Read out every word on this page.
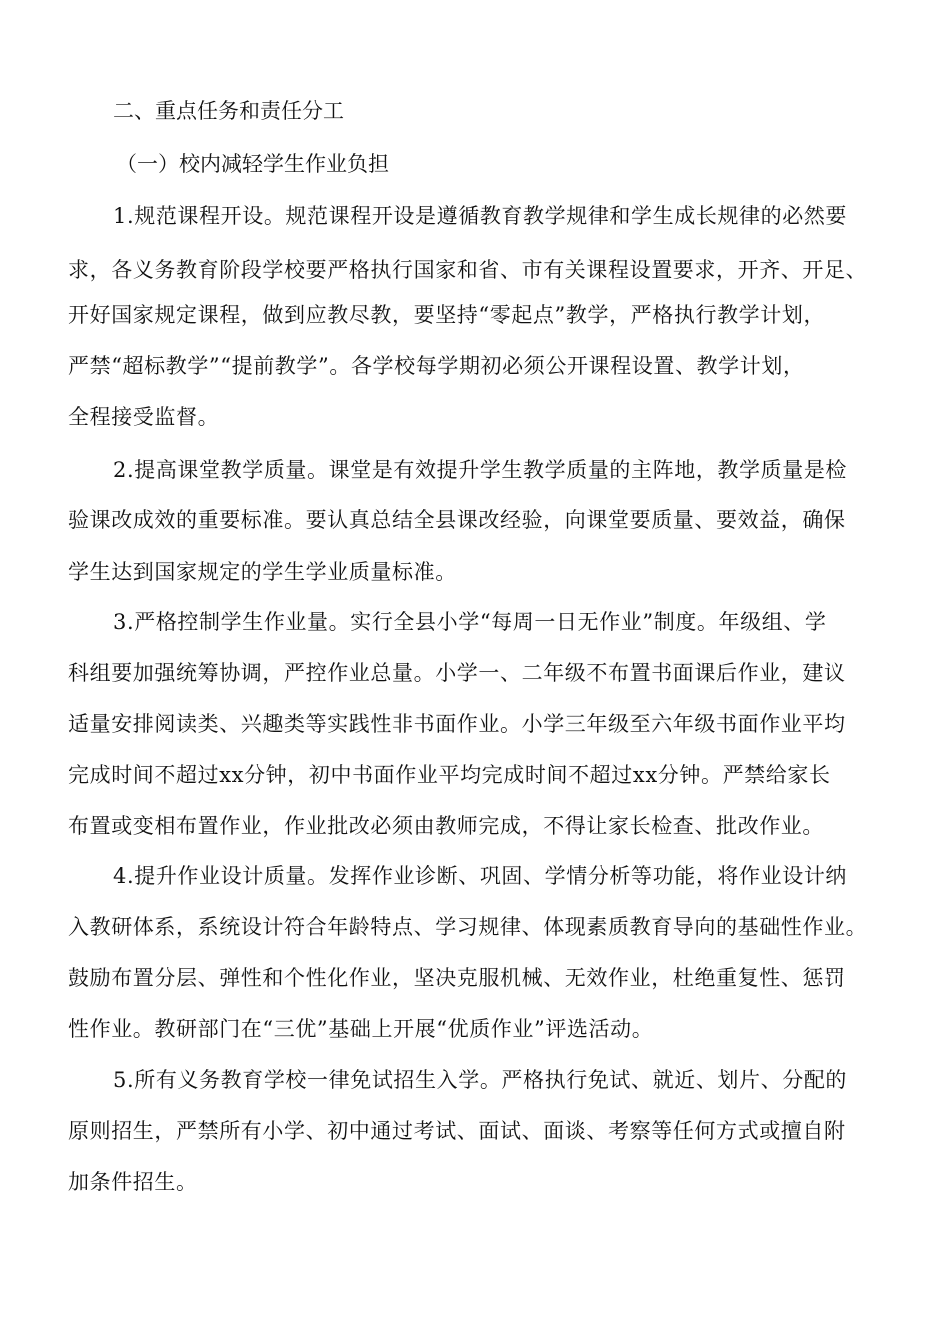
二、重点任务和责任分工
（一）校内减轻学生作业负担
1.规范课程开设。规范课程开设是遵循教育教学规律和学生成长规律的必然要
求，各义务教育阶段学校要严格执行国家和省、市有关课程设置要求，开齐、开足、
开好国家规定课程，做到应教尽教，要坚持“零起点”教学，严格执行教学计划，
严禁“超标教学”“提前教学”。各学校每学期初必须公开课程设置、教学计划，
全程接受监督。
2.提高课堂教学质量。课堂是有效提升学生教学质量的主阵地，教学质量是检
验课改成效的重要标准。要认真总结全县课改经验，向课堂要质量、要效益，确保
学生达到国家规定的学生学业质量标准。
3.严格控制学生作业量。实行全县小学“每周一日无作业”制度。年级组、学
科组要加强统筹协调，严控作业总量。小学一、二年级不布置书面课后作业，建议
适量安排阅读类、兴趣类等实践性非书面作业。小学三年级至六年级书面作业平均
完成时间不超过xx分钟，初中书面作业平均完成时间不超过xx分钟。严禁给家长
布置或变相布置作业，作业批改必须由教师完成，不得让家长检查、批改作业。
4.提升作业设计质量。发挥作业诊断、巩固、学情分析等功能，将作业设计纳
入教研体系，系统设计符合年龄特点、学习规律、体现素质教育导向的基础性作业。
鼓励布置分层、弹性和个性化作业，坚决克服机械、无效作业，杜绝重复性、惩罚
性作业。教研部门在“三优”基础上开展“优质作业”评选活动。
5.所有义务教育学校一律免试招生入学。严格执行免试、就近、划片、分配的
原则招生，严禁所有小学、初中通过考试、面试、面谈、考察等任何方式或擅自附
加条件招生。
